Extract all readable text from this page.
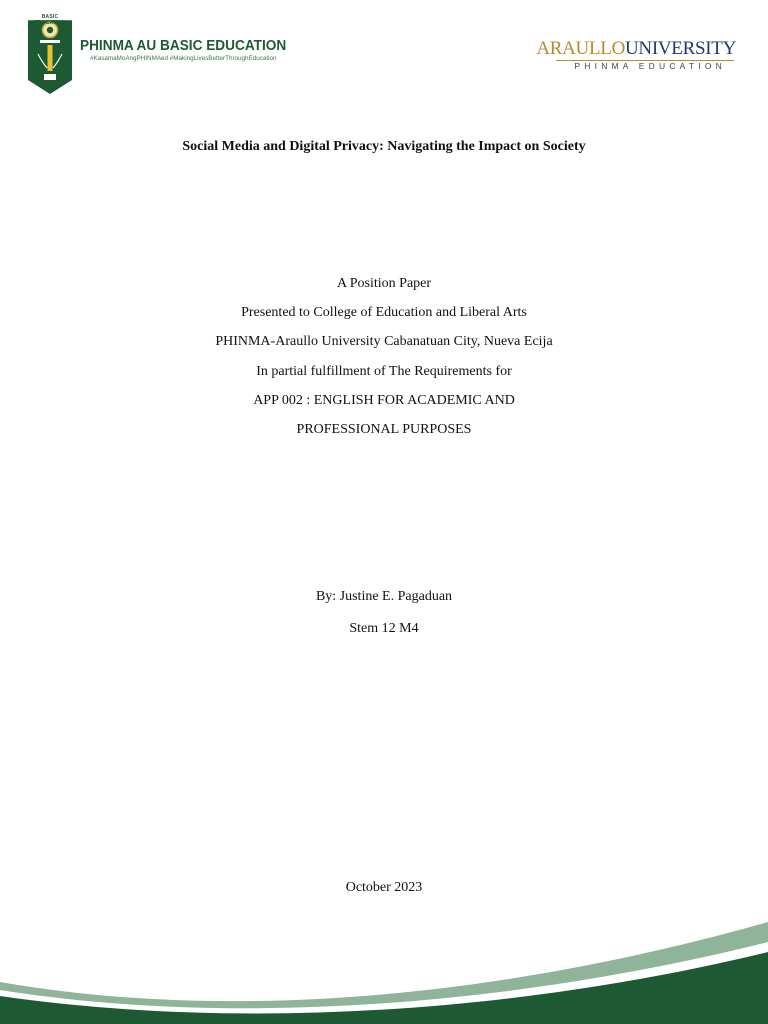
BASIC EDUCATION
PHINMA AU BASIC EDUCATION
#KasamaMoAngPHINMAed #MakingLivesBetterThroughEducation	ARAULLOUNIVERSITY
PHINMA EDUCATION
Social Media and Digital Privacy: Navigating the Impact on Society
A Position Paper
Presented to College of Education and Liberal Arts
PHINMA-Araullo University Cabanatuan City, Nueva Ecija
In partial fulfillment of The Requirements for
APP 002 : ENGLISH FOR ACADEMIC AND
PROFESSIONAL PURPOSES
By: Justine E. Pagaduan
Stem 12 M4
October 2023
